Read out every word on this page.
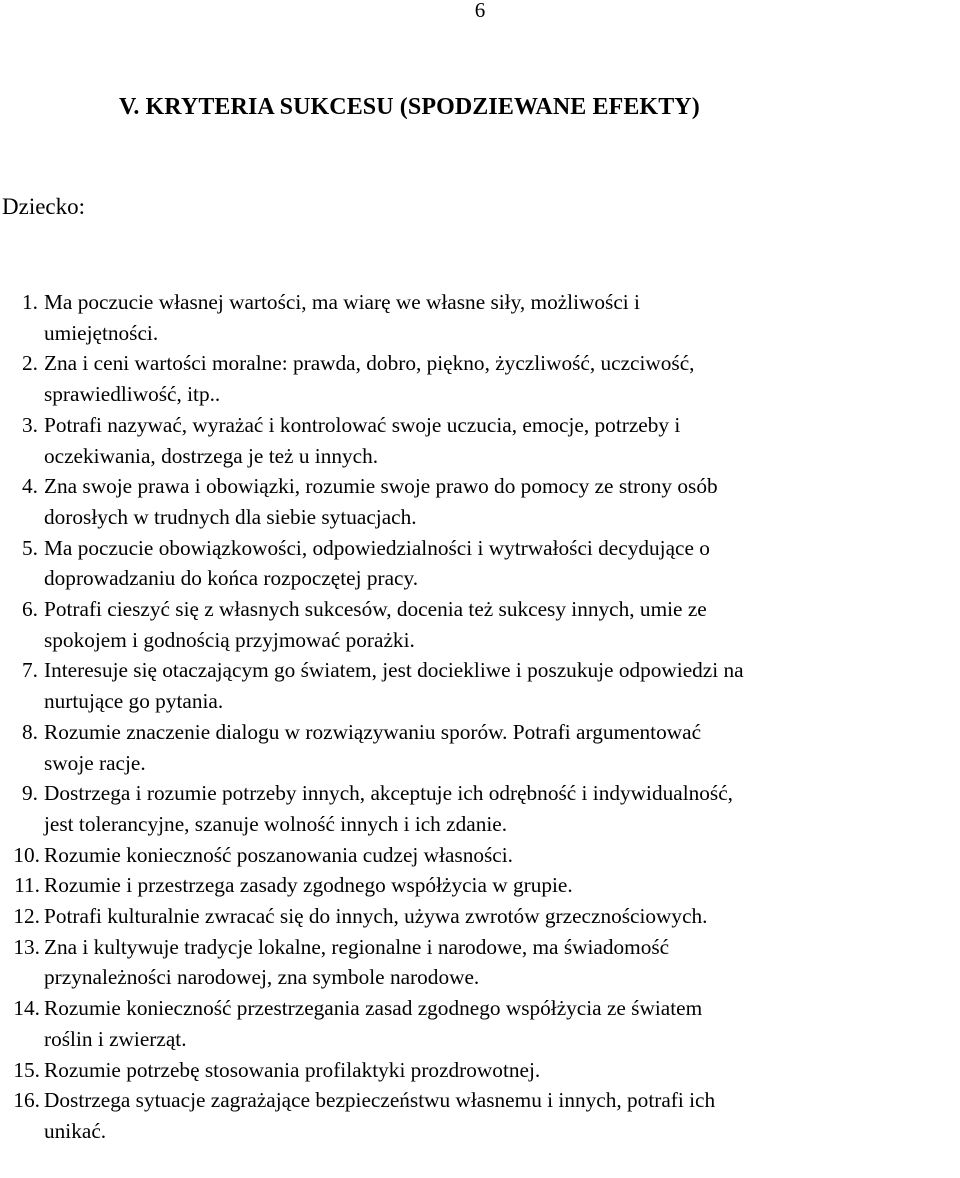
6
V. KRYTERIA SUKCESU (SPODZIEWANE EFEKTY)

Dziecko:

1. Ma poczucie własnej wartości, ma wiarę we własne siły, możliwości i
umiejętności.
2. Zna i ceni wartości moralne: prawda, dobro, piękno, życzliwość, uczciwość,
sprawiedliwość, itp..
3. Potrafi nazywać, wyrażać i kontrolować swoje uczucia, emocje, potrzeby i
oczekiwania, dostrzega je też u innych.
4. Zna swoje prawa i obowiązki, rozumie swoje prawo do pomocy ze strony osób
dorosłych w trudnych dla siebie sytuacjach.
5. Ma poczucie obowiązkowości, odpowiedzialności i wytrwałości decydujące o
doprowadzaniu do końca rozpoczętej pracy.
6. Potrafi cieszyć się z własnych sukcesów, docenia też sukcesy innych, umie ze
spokojem i godnością przyjmować porażki.
7. Interesuje się otaczającym go światem, jest dociekliwe i poszukuje odpowiedzi na
nurtujące go pytania.
8. Rozumie znaczenie dialogu w rozwiązywaniu sporów. Potrafi argumentować
swoje racje.
9. Dostrzega i rozumie potrzeby innych, akceptuje ich odrębność i indywidualność,
jest tolerancyjne, szanuje wolność innych i ich zdanie.
10. Rozumie konieczność poszanowania cudzej własności.
11. Rozumie i przestrzega zasady zgodnego współżycia w grupie.
12. Potrafi kulturalnie zwracać się do innych, używa zwrotów grzecznościowych.
13. Zna i kultywuje tradycje lokalne, regionalne i narodowe, ma świadomość
przynależności narodowej, zna symbole narodowe.
14. Rozumie konieczność przestrzegania zasad zgodnego współżycia ze światem
roślin i zwierząt.
15. Rozumie potrzebę stosowania profilaktyki prozdrowotnej.
16. Dostrzega sytuacje zagrażające bezpieczeństwu własnemu i innych, potrafi ich
unikać.
